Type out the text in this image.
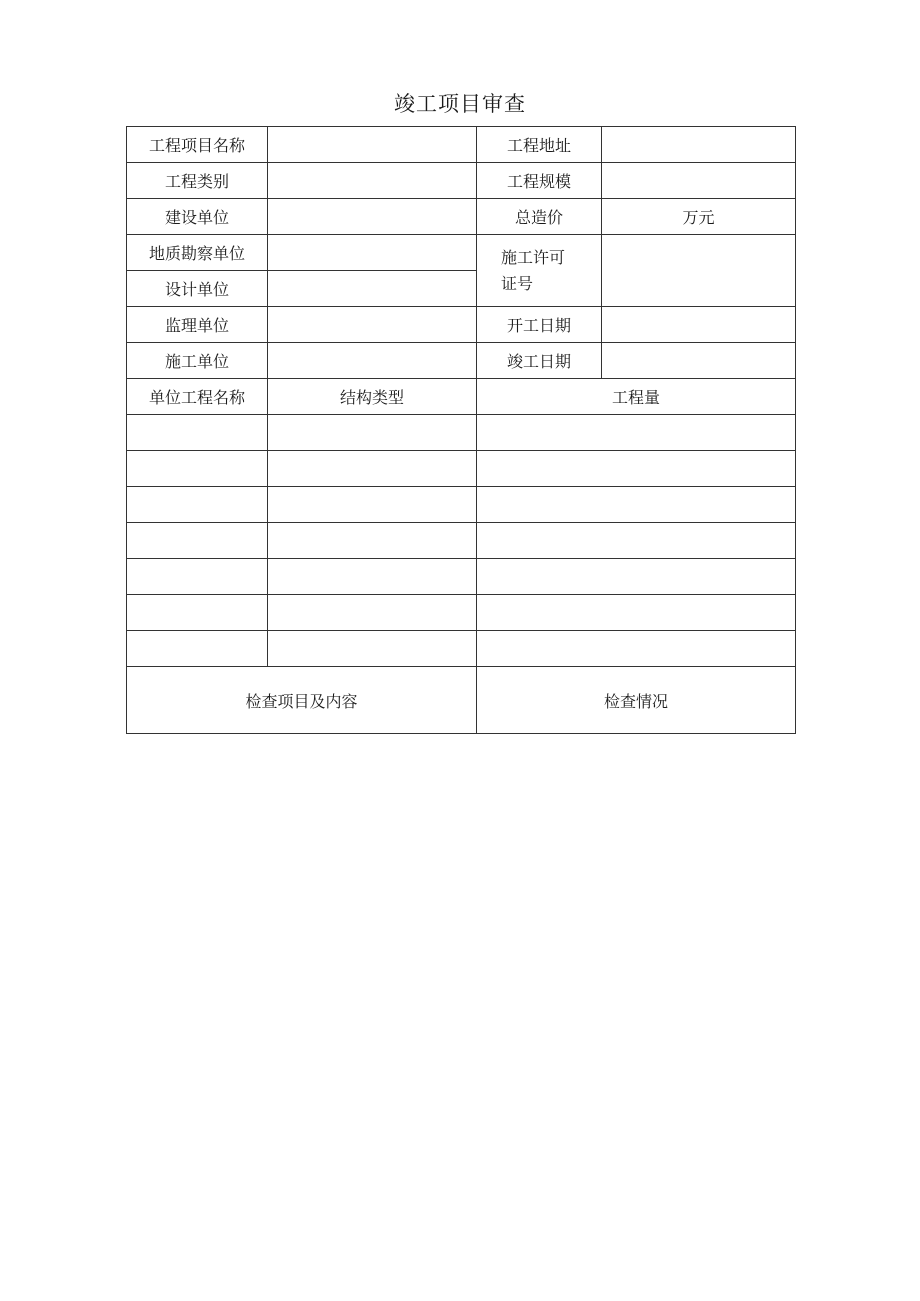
竣工项目审查
工程项目名称		工程地址	
工程类别		工程规模	
建设单位		总造价	万元
地质勘察单位		施工许可
证号	

设计单位			
监理单位		开工日期	
施工单位		竣工日期	
单位工程名称	结构类型	工程量	

检查项目及内容		检查情况	
